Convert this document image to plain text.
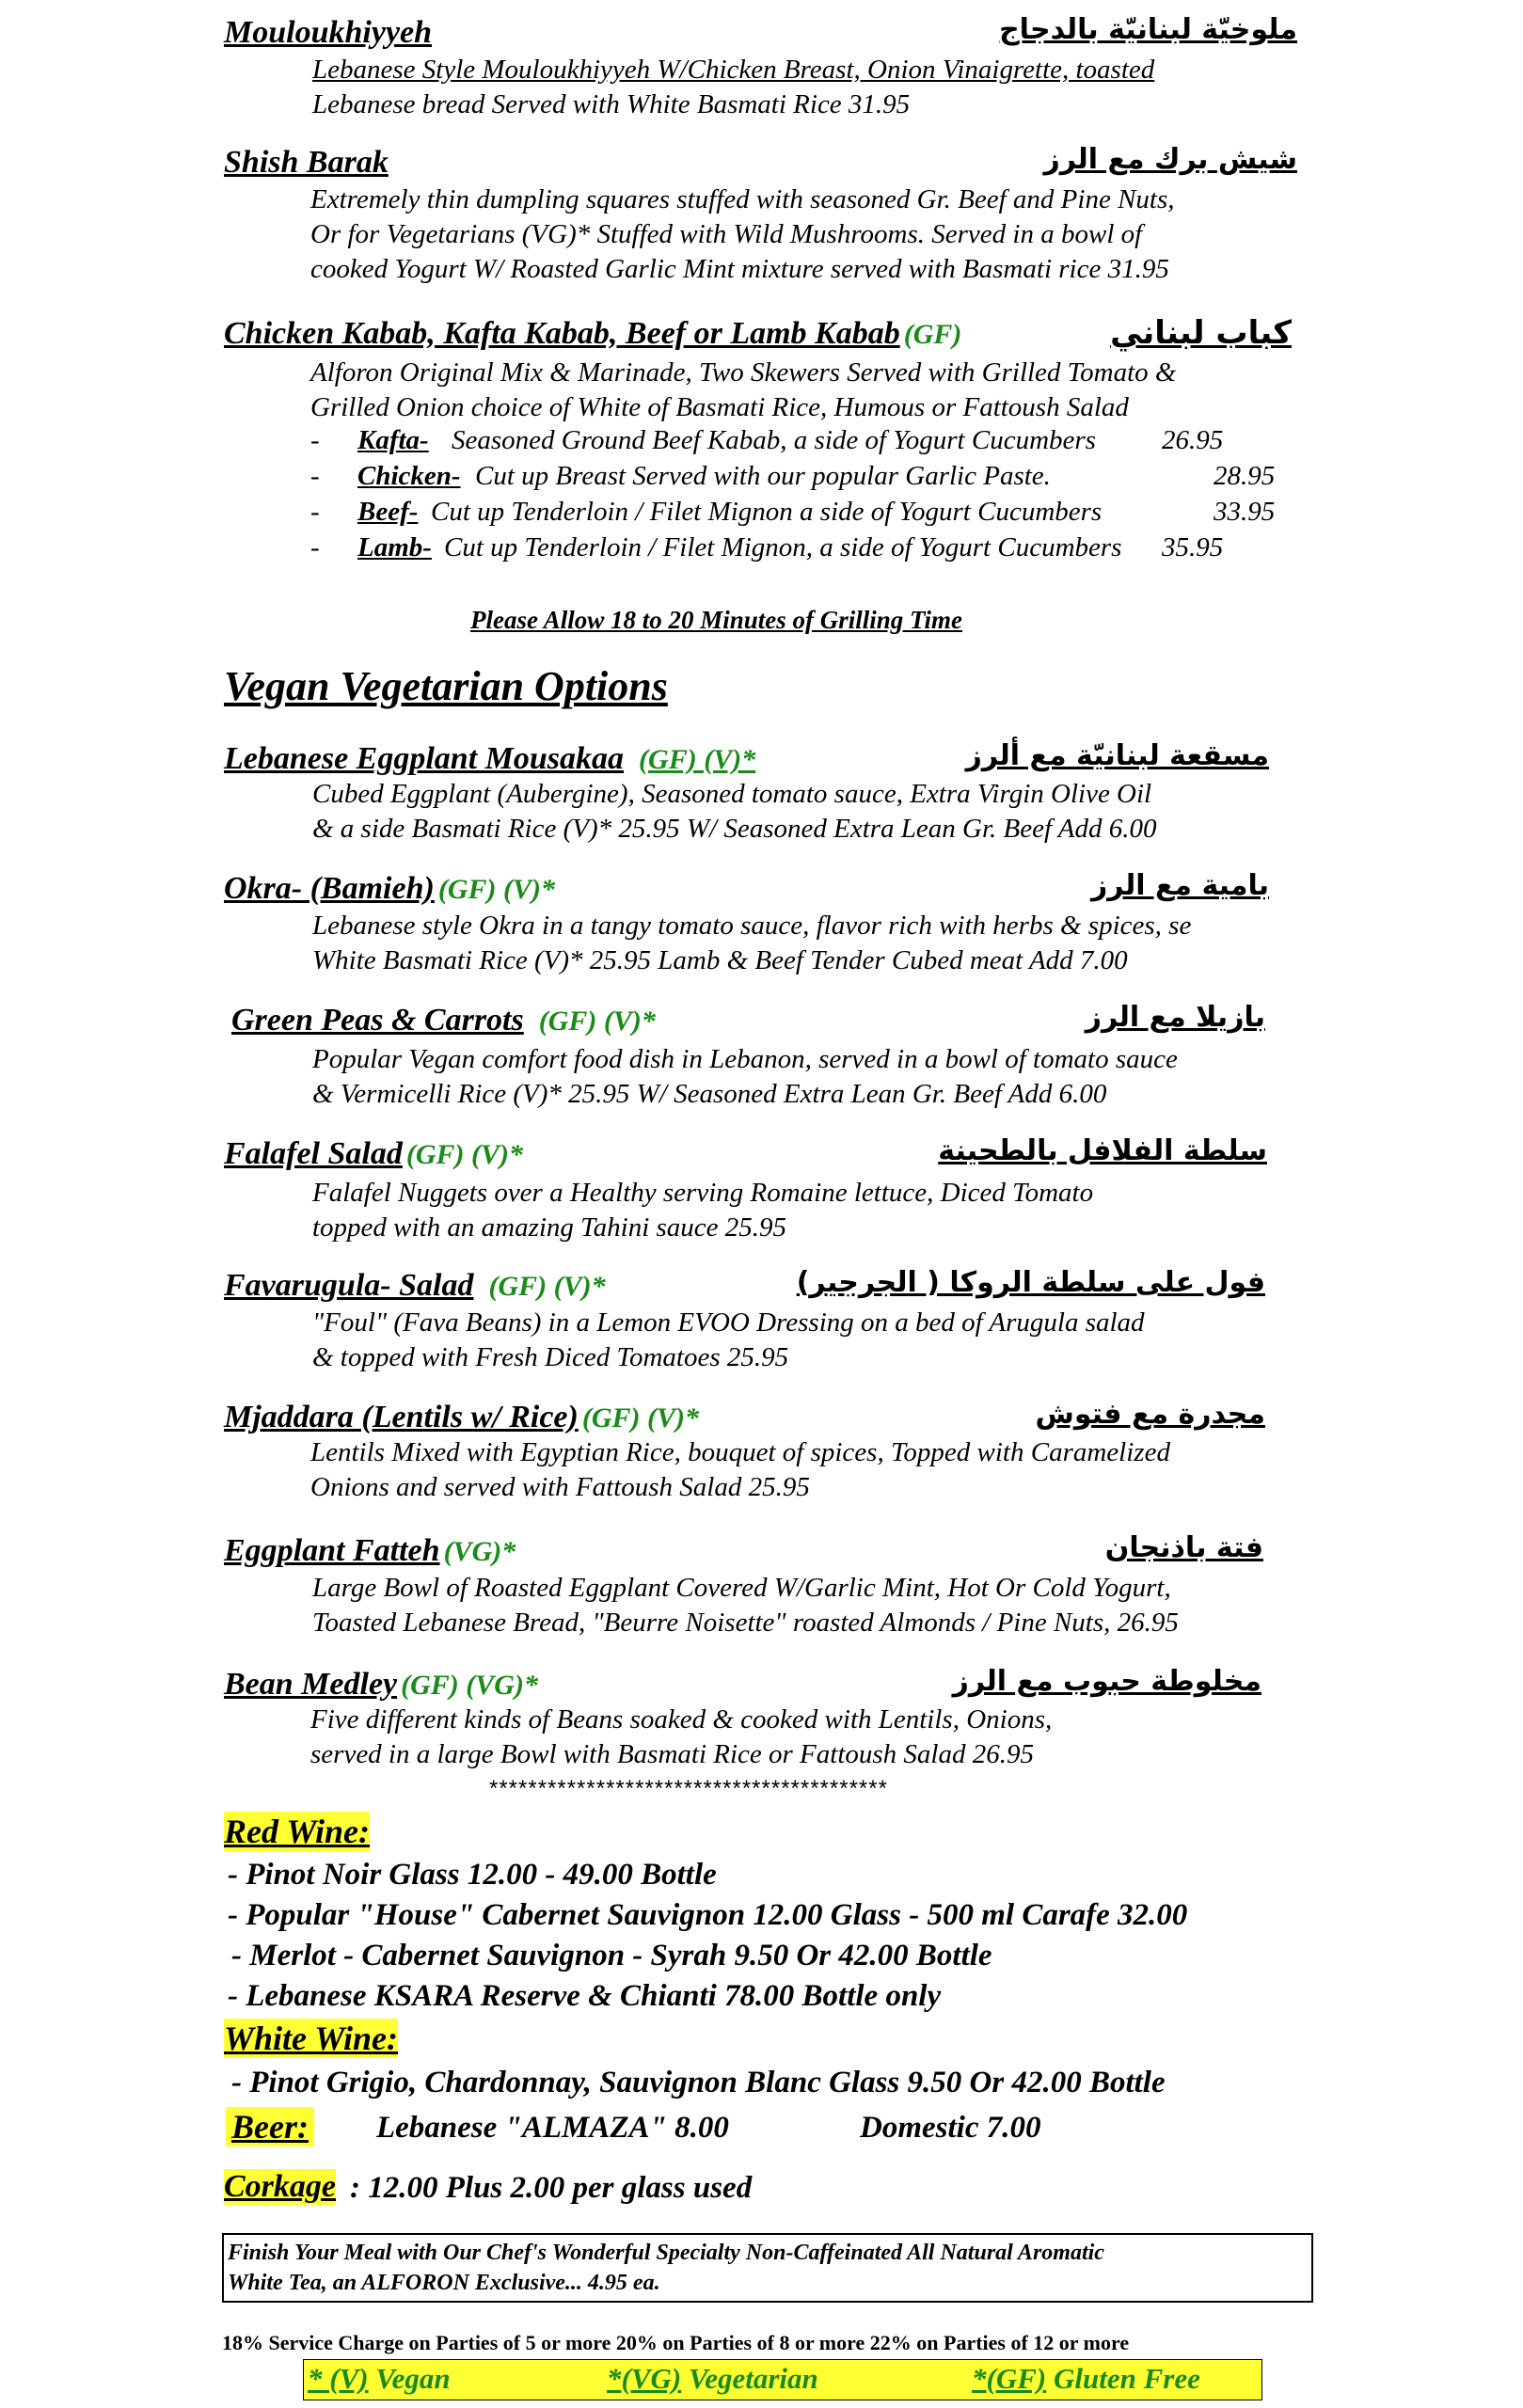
Mouloukhiyyeh	ملوخيّة لبنانيّة بالدجاج
Lebanese Style Mouloukhiyyeh W/Chicken Breast, Onion Vinaigrette, toasted
Lebanese bread Served with White Basmati Rice 31.95
Shish Barak	شيش برك مع الرز
Extremely thin dumpling squares stuffed with seasoned Gr. Beef and Pine Nuts,
Or for Vegetarians (VG)* Stuffed with Wild Mushrooms. Served in a bowl of
cooked Yogurt W/ Roasted Garlic Mint mixture served with Basmati rice 31.95
Chicken Kabab, Kafta Kabab, Beef or Lamb Kabab (GF)	كباب لبناني
Alforon Original Mix & Marinade, Two Skewers Served with Grilled Tomato &
Grilled Onion choice of White of Basmati Rice, Humous or Fattoush Salad
- Kafta- Seasoned Ground Beef Kabab, a side of Yogurt Cucumbers 26.95
- Chicken- Cut up Breast Served with our popular Garlic Paste.	28.95
- Beef- Cut up Tenderloin / Filet Mignon a side of Yogurt Cucumbers	33.95
- Lamb- Cut up Tenderloin / Filet Mignon, a side of Yogurt Cucumbers 35.95
Please Allow 18 to 20 Minutes of Grilling Time
Vegan Vegetarian Options
Lebanese Eggplant Mousakaa (GF) (V)*	مسقعة لبنانيّة مع ألرز
Cubed Eggplant (Aubergine), Seasoned tomato sauce, Extra Virgin Olive Oil
& a side Basmati Rice (V)* 25.95 W/ Seasoned Extra Lean Gr. Beef Add 6.00
Okra- (Bamieh) (GF) (V)*	بامية مع الرز
Lebanese style Okra in a tangy tomato sauce, flavor rich with herbs & spices, se
White Basmati Rice (V)* 25.95 Lamb & Beef Tender Cubed meat Add 7.00
Green Peas & Carrots (GF) (V)*	بازيلا مع الرز
Popular Vegan comfort food dish in Lebanon, served in a bowl of tomato sauce
& Vermicelli Rice (V)* 25.95 W/ Seasoned Extra Lean Gr. Beef Add 6.00
Falafel Salad (GF) (V)*	سلطة الفلافل بالطحينة
Falafel Nuggets over a Healthy serving Romaine lettuce, Diced Tomato
topped with an amazing Tahini sauce 25.95
Favarugula- Salad (GF) (V)*	فول على سلطة الروكا ( الجرجير)
"Foul" (Fava Beans) in a Lemon EVOO Dressing on a bed of Arugula salad
& topped with Fresh Diced Tomatoes 25.95
Mjaddara (Lentils w/ Rice) (GF) (V)*	مجدرة مع فتوش
Lentils Mixed with Egyptian Rice, bouquet of spices, Topped with Caramelized
Onions and served with Fattoush Salad 25.95
Eggplant Fatteh (VG)*	فتة باذنجان
Large Bowl of Roasted Eggplant Covered W/Garlic Mint, Hot Or Cold Yogurt,
Toasted Lebanese Bread, "Beurre Noisette" roasted Almonds / Pine Nuts, 26.95
Bean Medley (GF) (VG)*	مخلوطة حبوب مع الرز
Five different kinds of Beans soaked & cooked with Lentils, Onions,
served in a large Bowl with Basmati Rice or Fattoush Salad 26.95
*****************************************
Red Wine:
- Pinot Noir Glass 12.00 - 49.00 Bottle
- Popular "House" Cabernet Sauvignon 12.00 Glass - 500 ml Carafe 32.00
- Merlot - Cabernet Sauvignon - Syrah 9.50 Or 42.00 Bottle
- Lebanese KSARA Reserve & Chianti 78.00 Bottle only
White Wine:
- Pinot Grigio, Chardonnay, Sauvignon Blanc Glass 9.50 Or 42.00 Bottle
Beer: Lebanese "ALMAZA" 8.00	Domestic 7.00
Corkage : 12.00 Plus 2.00 per glass used
Finish Your Meal with Our Chef's Wonderful Specialty Non-Caffeinated All Natural Aromatic
White Tea, an ALFORON Exclusive... 4.95 ea.
18% Service Charge on Parties of 5 or more 20% on Parties of 8 or more 22% on Parties of 12 or more
* (V) Vegan	*(VG) Vegetarian	*(GF) Gluten Free
